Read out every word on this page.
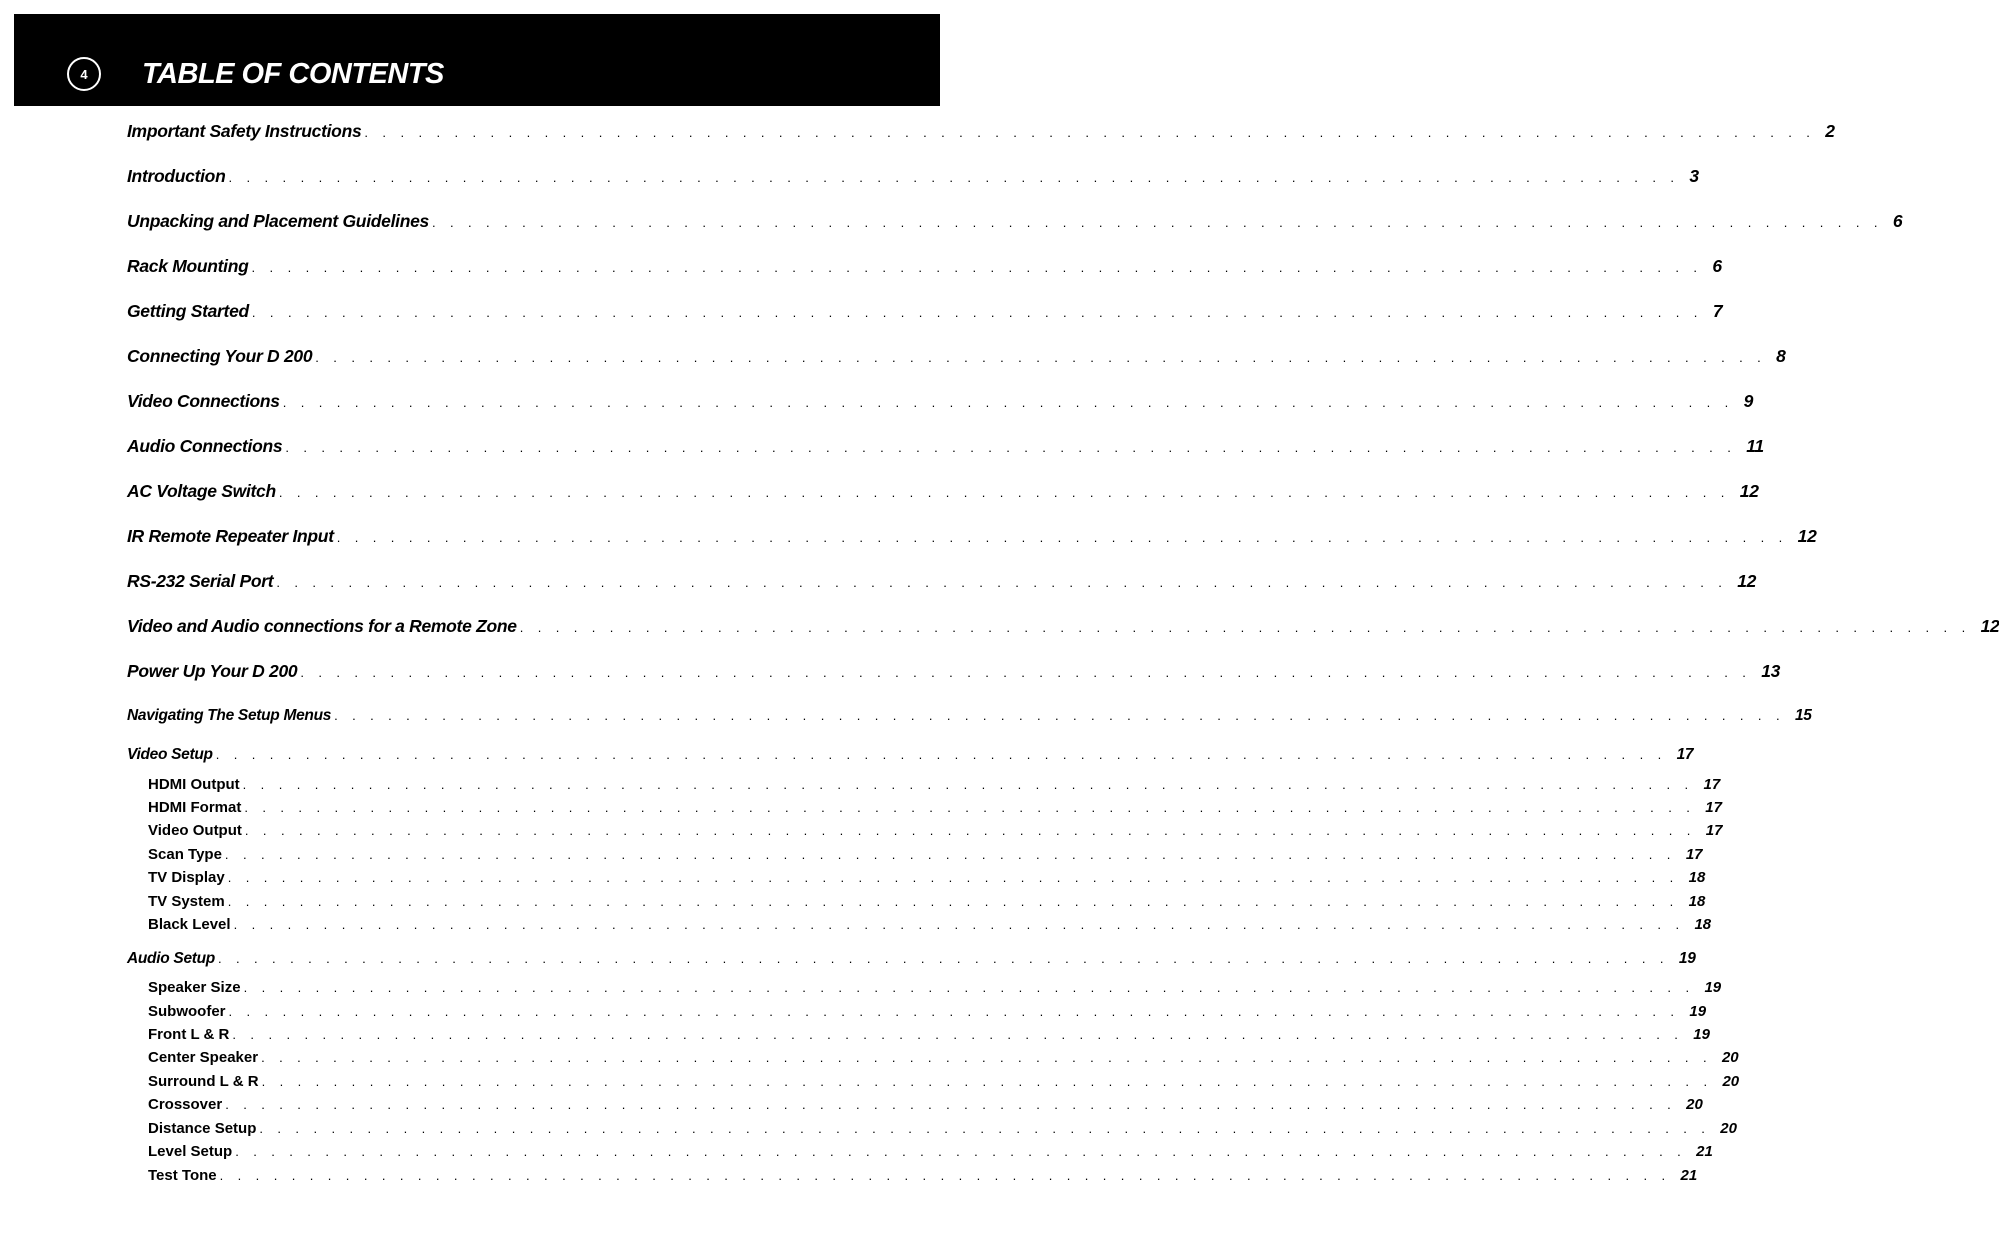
4	TABLE OF CONTENTS
Important Safety Instructions . . . . . . . . . . . . . . . . . . . . . . . . . . . . . . . . . . . . . . . . . . . . . . . . . . . . . . . . . . . . . . . . . . . . . . . . . . . . . . . . . 2
Introduction . . . . . . . . . . . . . . . . . . . . . . . . . . . . . . . . . . . . . . . . . . . . . . . . . . . . . . . . . . . . . . . . . . . . . . . . . . . . . . . . . 3
Unpacking and Placement Guidelines . . . . . . . . . . . . . . . . . . . . . . . . . . . . . . . . . . . . . . . . . . . . . . . . . . . . . . . . . . . . . . . . . . . . . . . . . . . . . . . . . 6
Rack Mounting . . . . . . . . . . . . . . . . . . . . . . . . . . . . . . . . . . . . . . . . . . . . . . . . . . . . . . . . . . . . . . . . . . . . . . . . . . . . . . . . . 6
Getting Started . . . . . . . . . . . . . . . . . . . . . . . . . . . . . . . . . . . . . . . . . . . . . . . . . . . . . . . . . . . . . . . . . . . . . . . . . . . . . . . . . 7
Connecting Your D 200 . . . . . . . . . . . . . . . . . . . . . . . . . . . . . . . . . . . . . . . . . . . . . . . . . . . . . . . . . . . . . . . . . . . . . . . . . . . . . . . . . 8
Video Connections . . . . . . . . . . . . . . . . . . . . . . . . . . . . . . . . . . . . . . . . . . . . . . . . . . . . . . . . . . . . . . . . . . . . . . . . . . . . . . . . . 9
Audio Connections . . . . . . . . . . . . . . . . . . . . . . . . . . . . . . . . . . . . . . . . . . . . . . . . . . . . . . . . . . . . . . . . . . . . . . . . . . . . . . . . . 11
AC Voltage Switch . . . . . . . . . . . . . . . . . . . . . . . . . . . . . . . . . . . . . . . . . . . . . . . . . . . . . . . . . . . . . . . . . . . . . . . . . . . . . . . . . 12
IR Remote Repeater Input . . . . . . . . . . . . . . . . . . . . . . . . . . . . . . . . . . . . . . . . . . . . . . . . . . . . . . . . . . . . . . . . . . . . . . . . . . . . . . . . . 12
RS-232 Serial Port . . . . . . . . . . . . . . . . . . . . . . . . . . . . . . . . . . . . . . . . . . . . . . . . . . . . . . . . . . . . . . . . . . . . . . . . . . . . . . . . . 12
Video and Audio connections for a Remote Zone . . . . . . . . . . . . . . . . . . . . . . . . . . . . . . . . . . . . . . . . . . . . . . . . . . . . . . . . . . . . . . . . . . . . . . . . . . . . . . . . . 12
Power Up Your D 200 . . . . . . . . . . . . . . . . . . . . . . . . . . . . . . . . . . . . . . . . . . . . . . . . . . . . . . . . . . . . . . . . . . . . . . . . . . . . . . . . . 13
Navigating The Setup Menus . . . . . . . . . . . . . . . . . . . . . . . . . . . . . . . . . . . . . . . . . . . . . . . . . . . . . . . . . . . . . . . . . . . . . . . . . . . . . . . . . 15
Video Setup . . . . . . . . . . . . . . . . . . . . . . . . . . . . . . . . . . . . . . . . . . . . . . . . . . . . . . . . . . . . . . . . . . . . . . . . . . . . . . . . . 17
HDMI Output . . . . . . . . . . . . . . . . . . . . . . . . . . . . . . . . . . . . . . . . . . . . . . . . . . . . . . . . . . . . . . . . . . . . . . . . . . . . . . . . . 17
HDMI Format . . . . . . . . . . . . . . . . . . . . . . . . . . . . . . . . . . . . . . . . . . . . . . . . . . . . . . . . . . . . . . . . . . . . . . . . . . . . . . . . . 17
Video Output . . . . . . . . . . . . . . . . . . . . . . . . . . . . . . . . . . . . . . . . . . . . . . . . . . . . . . . . . . . . . . . . . . . . . . . . . . . . . . . . . 17
Scan Type . . . . . . . . . . . . . . . . . . . . . . . . . . . . . . . . . . . . . . . . . . . . . . . . . . . . . . . . . . . . . . . . . . . . . . . . . . . . . . . . . 17
TV Display . . . . . . . . . . . . . . . . . . . . . . . . . . . . . . . . . . . . . . . . . . . . . . . . . . . . . . . . . . . . . . . . . . . . . . . . . . . . . . . . . 18
TV System . . . . . . . . . . . . . . . . . . . . . . . . . . . . . . . . . . . . . . . . . . . . . . . . . . . . . . . . . . . . . . . . . . . . . . . . . . . . . . . . . 18
Black Level . . . . . . . . . . . . . . . . . . . . . . . . . . . . . . . . . . . . . . . . . . . . . . . . . . . . . . . . . . . . . . . . . . . . . . . . . . . . . . . . . 18
Audio Setup . . . . . . . . . . . . . . . . . . . . . . . . . . . . . . . . . . . . . . . . . . . . . . . . . . . . . . . . . . . . . . . . . . . . . . . . . . . . . . . . . 19
Speaker Size . . . . . . . . . . . . . . . . . . . . . . . . . . . . . . . . . . . . . . . . . . . . . . . . . . . . . . . . . . . . . . . . . . . . . . . . . . . . . . . . . 19
Subwoofer . . . . . . . . . . . . . . . . . . . . . . . . . . . . . . . . . . . . . . . . . . . . . . . . . . . . . . . . . . . . . . . . . . . . . . . . . . . . . . . . . 19
Front L & R . . . . . . . . . . . . . . . . . . . . . . . . . . . . . . . . . . . . . . . . . . . . . . . . . . . . . . . . . . . . . . . . . . . . . . . . . . . . . . . . . 19
Center Speaker . . . . . . . . . . . . . . . . . . . . . . . . . . . . . . . . . . . . . . . . . . . . . . . . . . . . . . . . . . . . . . . . . . . . . . . . . . . . . . . . . 20
Surround L & R . . . . . . . . . . . . . . . . . . . . . . . . . . . . . . . . . . . . . . . . . . . . . . . . . . . . . . . . . . . . . . . . . . . . . . . . . . . . . . . . . 20
Crossover . . . . . . . . . . . . . . . . . . . . . . . . . . . . . . . . . . . . . . . . . . . . . . . . . . . . . . . . . . . . . . . . . . . . . . . . . . . . . . . . . 20
Distance Setup . . . . . . . . . . . . . . . . . . . . . . . . . . . . . . . . . . . . . . . . . . . . . . . . . . . . . . . . . . . . . . . . . . . . . . . . . . . . . . . . . 20
Level Setup . . . . . . . . . . . . . . . . . . . . . . . . . . . . . . . . . . . . . . . . . . . . . . . . . . . . . . . . . . . . . . . . . . . . . . . . . . . . . . . . . 21
Test Tone . . . . . . . . . . . . . . . . . . . . . . . . . . . . . . . . . . . . . . . . . . . . . . . . . . . . . . . . . . . . . . . . . . . . . . . . . . . . . . . . . 21
